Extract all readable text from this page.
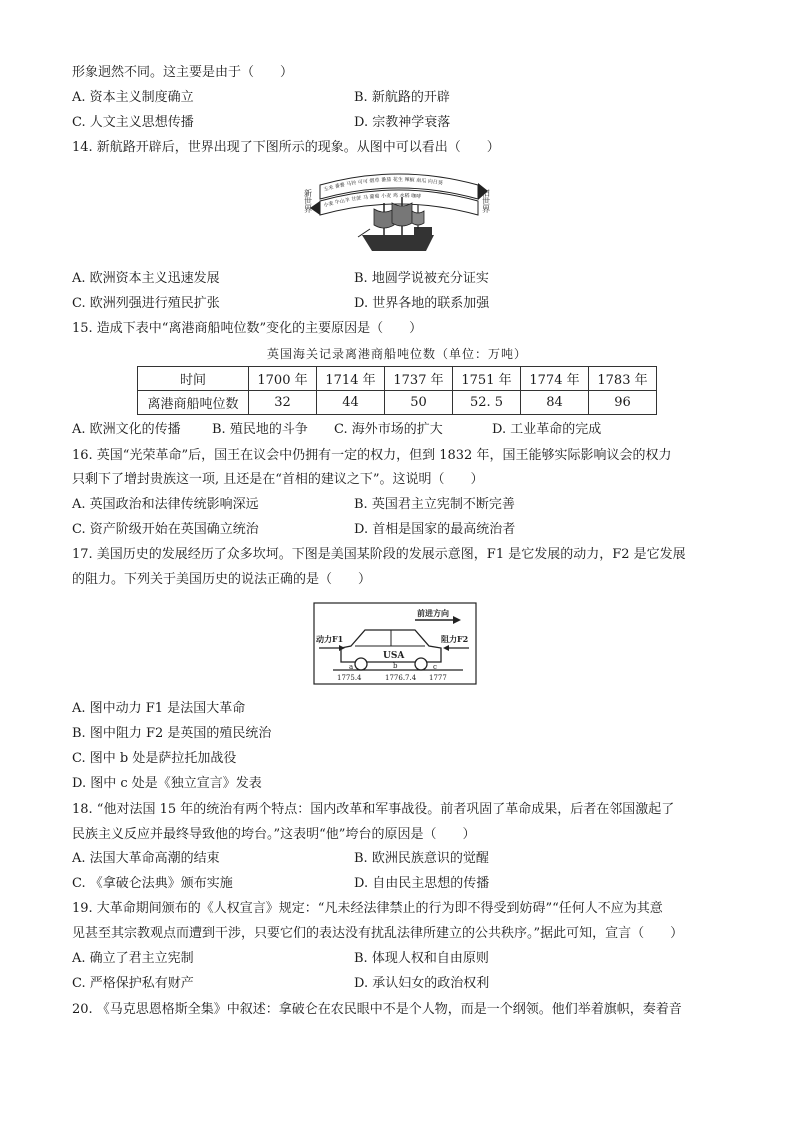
形象迥然不同。这主要是由于（　　）
A. 资本主义制度确立	B. 新航路的开辟
C. 人文主义思想传播	D. 宗教神学衰落
14. 新航路开辟后，世界出现了下图所示的现象。从图中可以看出（　　）
玉米 番薯 马铃 可可 烟草 番茄 花生 辣椒 南瓜 向日葵
小麦 牛山羊 甘蔗 马 葡萄 小麦 鸡 水稻 咖啡
新世界	旧世界
A. 欧洲资本主义迅速发展	B. 地圆学说被充分证实
C. 欧洲列强进行殖民扩张	D. 世界各地的联系加强
15. 造成下表中“离港商船吨位数”变化的主要原因是（　　）
英国海关记录离港商船吨位数（单位：万吨）
时间	1700 年	1714 年	1737 年	1751 年	1774 年	1783 年
离港商船吨位数	32	44	50	52. 5	84	96
A. 欧洲文化的传播 B. 殖民地的斗争 C. 海外市场的扩大	D. 工业革命的完成
16. 英国“光荣革命”后，国王在议会中仍拥有一定的权力，但到 1832 年，国王能够实际影响议会的权力
只剩下了增封贵族这一项, 且还是在“首相的建议之下”。这说明（　　）
A. 英国政治和法律传统影响深远	B. 英国君主立宪制不断完善
C. 资产阶级开始在英国确立统治	D. 首相是国家的最高统治者
17. 美国历史的发展经历了众多坎坷。下图是美国某阶段的发展示意图，F1 是它发展的动力，F2 是它发展
的阻力。下列关于美国历史的说法正确的是（　　）
前进方向
USA
动力F1	阻力F2
a	b	c
1775.4	1776.7.4 1777
A. 图中动力 F1 是法国大革命
B. 图中阻力 F2 是英国的殖民统治
C. 图中 b 处是萨拉托加战役
D. 图中 c 处是《独立宣言》发表
18. “他对法国 15 年的统治有两个特点：国内改革和军事战役。前者巩固了革命成果，后者在邻国激起了
民族主义反应并最终导致他的垮台。”这表明“他”垮台的原因是（　　）
A. 法国大革命高潮的结束	B. 欧洲民族意识的觉醒
C. 《拿破仑法典》颁布实施	D. 自由民主思想的传播
19. 大革命期间颁布的《人权宣言》规定：“凡未经法律禁止的行为即不得受到妨碍”“任何人不应为其意
见甚至其宗教观点而遭到干涉，只要它们的表达没有扰乱法律所建立的公共秩序。”据此可知，宣言（　　）
A. 确立了君主立宪制	B. 体现人权和自由原则
C. 严格保护私有财产	D. 承认妇女的政治权利
20. 《马克思恩格斯全集》中叙述：拿破仑在农民眼中不是个人物，而是一个纲领。他们举着旗帜，奏着音
